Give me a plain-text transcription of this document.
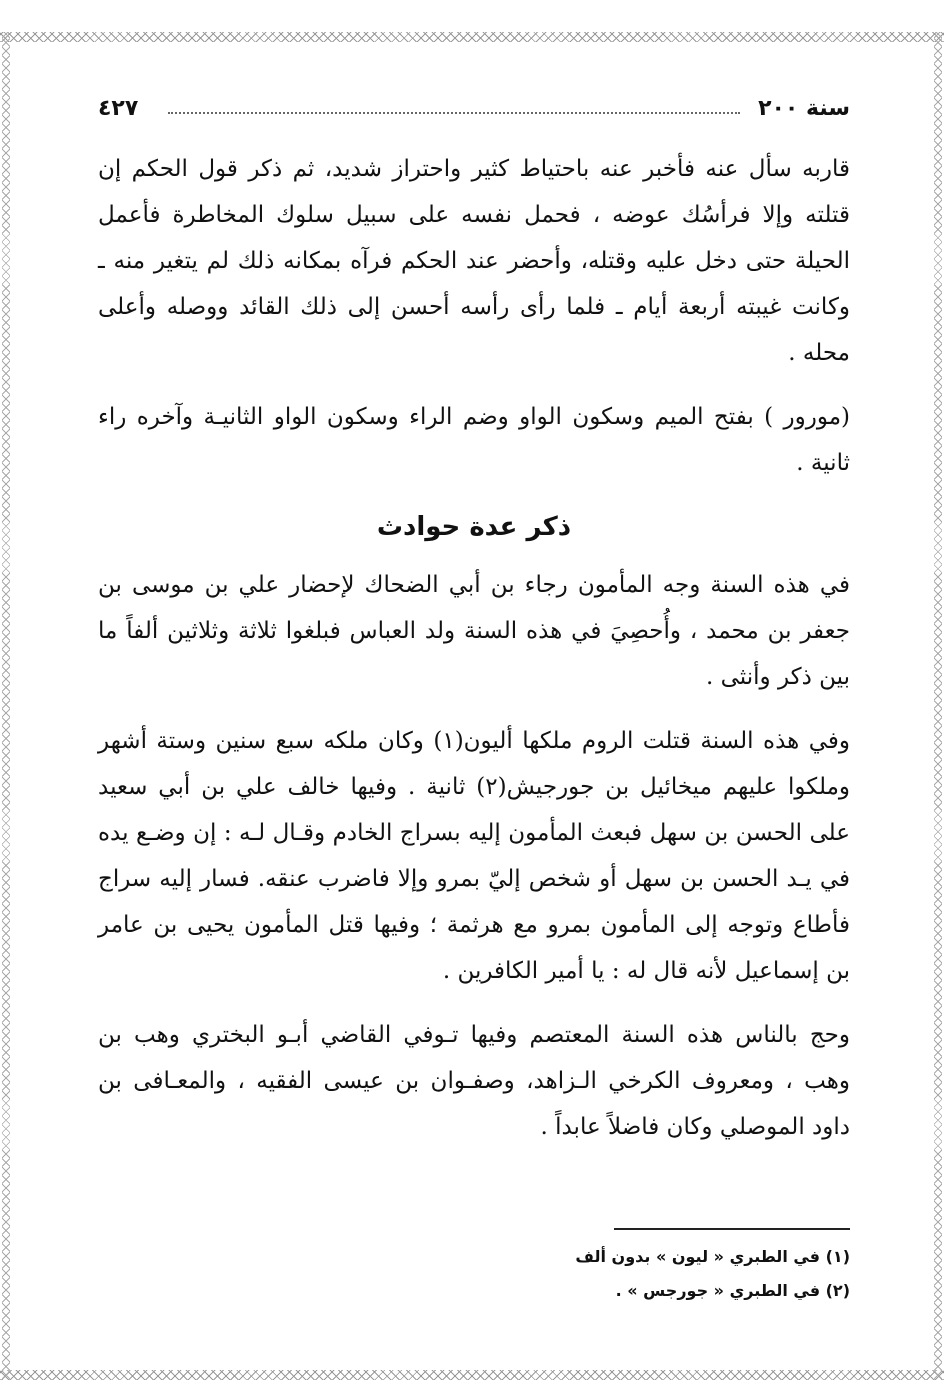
سنة ٢٠٠
٤٢٧

قاربه سأل عنه فأخبر عنه باحتياط كثير واحتراز شديد، ثم ذكر قول الحكم إن قتلته وإلا فرأسُك عوضه ، فحمل نفسه على سبيل سلوك المخاطرة فأعمل الحيلة حتى دخل عليه وقتله، وأحضر عند الحكم فرآه بمكانه ذلك لم يتغير منه ـ وكانت غيبته أربعة أيام ـ فلما رأى رأسه أحسن إلى ذلك القائد ووصله وأعلى محله .

(مورور ) بفتح الميم وسكون الواو وضم الراء وسكون الواو الثانيـة وآخره راء ثانية .

ذكر عدة حوادث

في هذه السنة وجه المأمون رجاء بن أبي الضحاك لإحضار علي بن موسى بن جعفر بن محمد ، وأُحصِيَ في هذه السنة ولد العباس فبلغوا ثلاثة وثلاثين ألفاً ما بين ذكر وأنثى .

وفي هذه السنة قتلت الروم ملكها أليون(١) وكان ملكه سبع سنين وستة أشهر وملكوا عليهم ميخائيل بن جورجيش(٢) ثانية . وفيها خالف علي بن أبي سعيد على الحسن بن سهل فبعث المأمون إليه بسراج الخادم وقـال لـه : إن وضـع يده في يـد الحسن بن سهل أو شخص إليّ بمرو وإلا فاضرب عنقه. فسار إليه سراج فأطاع وتوجه إلى المأمون بمرو مع هرثمة ؛ وفيها قتل المأمون يحيى بن عامر بن إسماعيل لأنه قال له : يا أمير الكافرين .

وحج بالناس هذه السنة المعتصم وفيها تـوفي القاضي أبـو البختري وهب بن وهب ، ومعروف الكرخي الـزاهد، وصفـوان بن عيسى الفقيه ، والمعـافى بن داود الموصلي وكان فاضلاً عابداً .

(١) في الطبري « ليون » بدون ألف
(٢) في الطبري « جورجس » .
